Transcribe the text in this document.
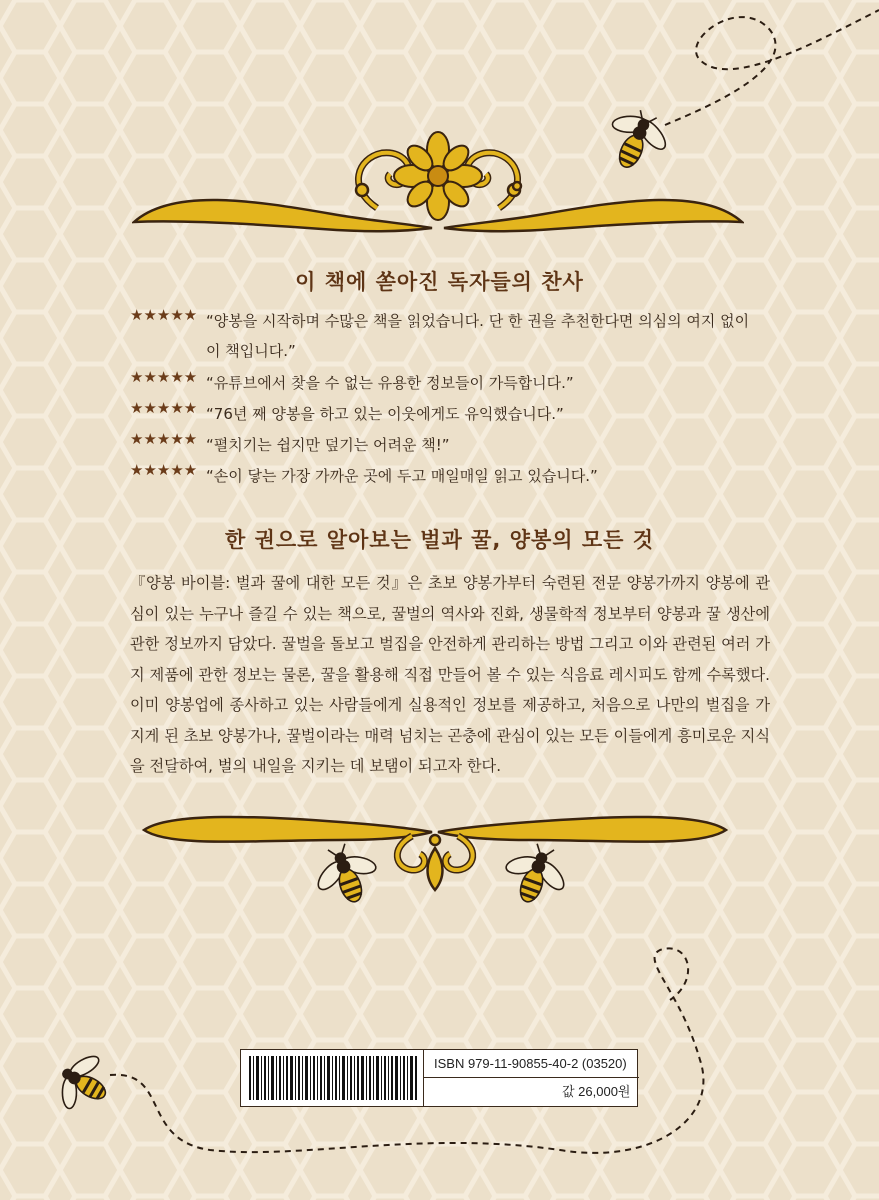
이 책에 쏟아진 독자들의 찬사
★★★★★ “양봉을 시작하며 수많은 책을 읽었습니다. 단 한 권을 추천한다면 의심의 여지 없이 이 책입니다.”
★★★★★ “유튜브에서 찾을 수 없는 유용한 정보들이 가득합니다.”
★★★★★ “76년 째 양봉을 하고 있는 이웃에게도 유익했습니다.”
★★★★★ “펼치기는 쉽지만 덮기는 어려운 책!”
★★★★★ “손이 닿는 가장 가까운 곳에 두고 매일매일 읽고 있습니다.”
한 권으로 알아보는 벌과 꿀, 양봉의 모든 것
『양봉 바이블: 벌과 꿀에 대한 모든 것』은 초보 양봉가부터 숙련된 전문 양봉가까지 양봉에 관심이 있는 누구나 즐길 수 있는 책으로, 꿀벌의 역사와 진화, 생물학적 정보부터 양봉과 꿀 생산에 관한 정보까지 담았다. 꿀벌을 돌보고 벌집을 안전하게 관리하는 방법 그리고 이와 관련된 여러 가지 제품에 관한 정보는 물론, 꿀을 활용해 직접 만들어 볼 수 있는 식음료 레시피도 함께 수록했다. 이미 양봉업에 종사하고 있는 사람들에게 실용적인 정보를 제공하고, 처음으로 나만의 벌집을 가지게 된 초보 양봉가나, 꿀벌이라는 매력 넘치는 곤충에 관심이 있는 모든 이들에게 흥미로운 지식을 전달하여, 벌의 내일을 지키는 데 보탬이 되고자 한다.
ISBN 979-11-90855-40-2 (03520)
값 26,000원
